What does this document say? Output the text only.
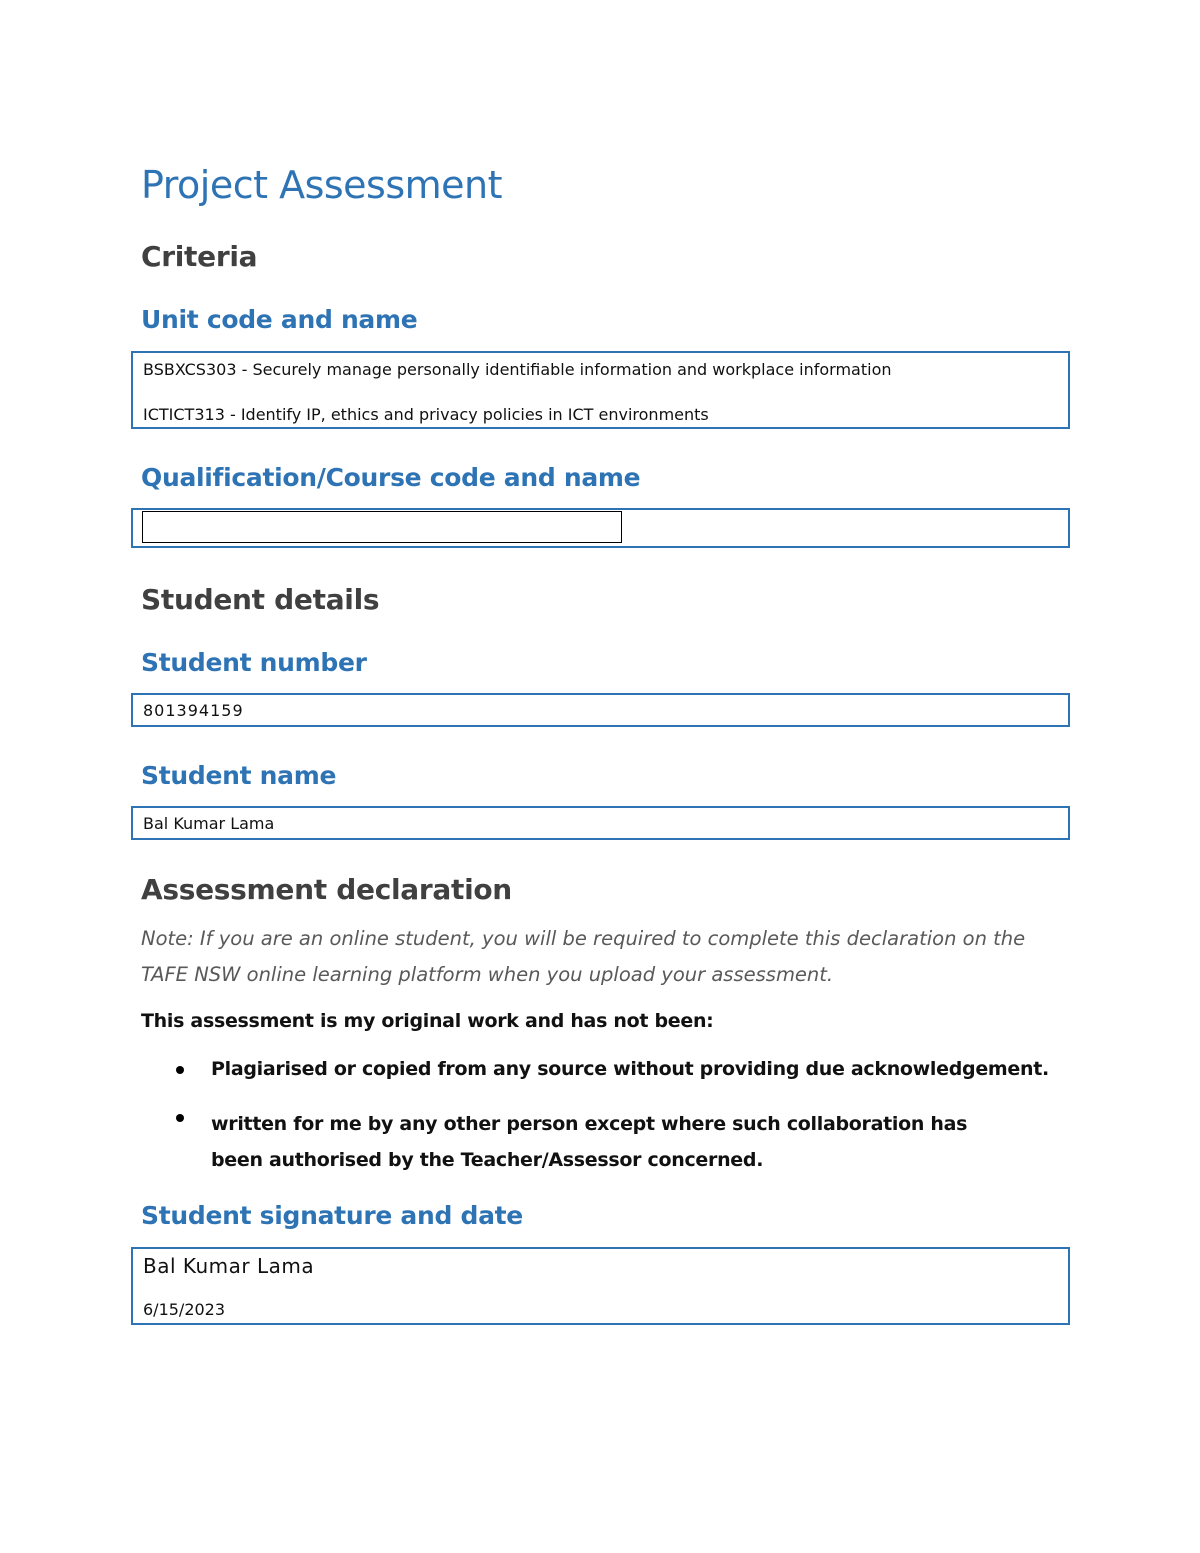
Project Assessment
Criteria
Unit code and name
BSBXCS303 - Securely manage personally identifiable information and workplace information
ICTICT313 - Identify IP, ethics and privacy policies in ICT environments
Qualification/Course code and name
Student details
Student number
801394159
Student name
Bal Kumar Lama
Assessment declaration

Note: If you are an online student, you will be required to complete this declaration on the TAFE NSW online learning platform when you upload your assessment.

This assessment is my original work and has not been:

Plagiarised or copied from any source without providing due acknowledgement.

written for me by any other person except where such collaboration has been authorised by the Teacher/Assessor concerned.

Student signature and date
Bal Kumar Lama
6/15/2023
